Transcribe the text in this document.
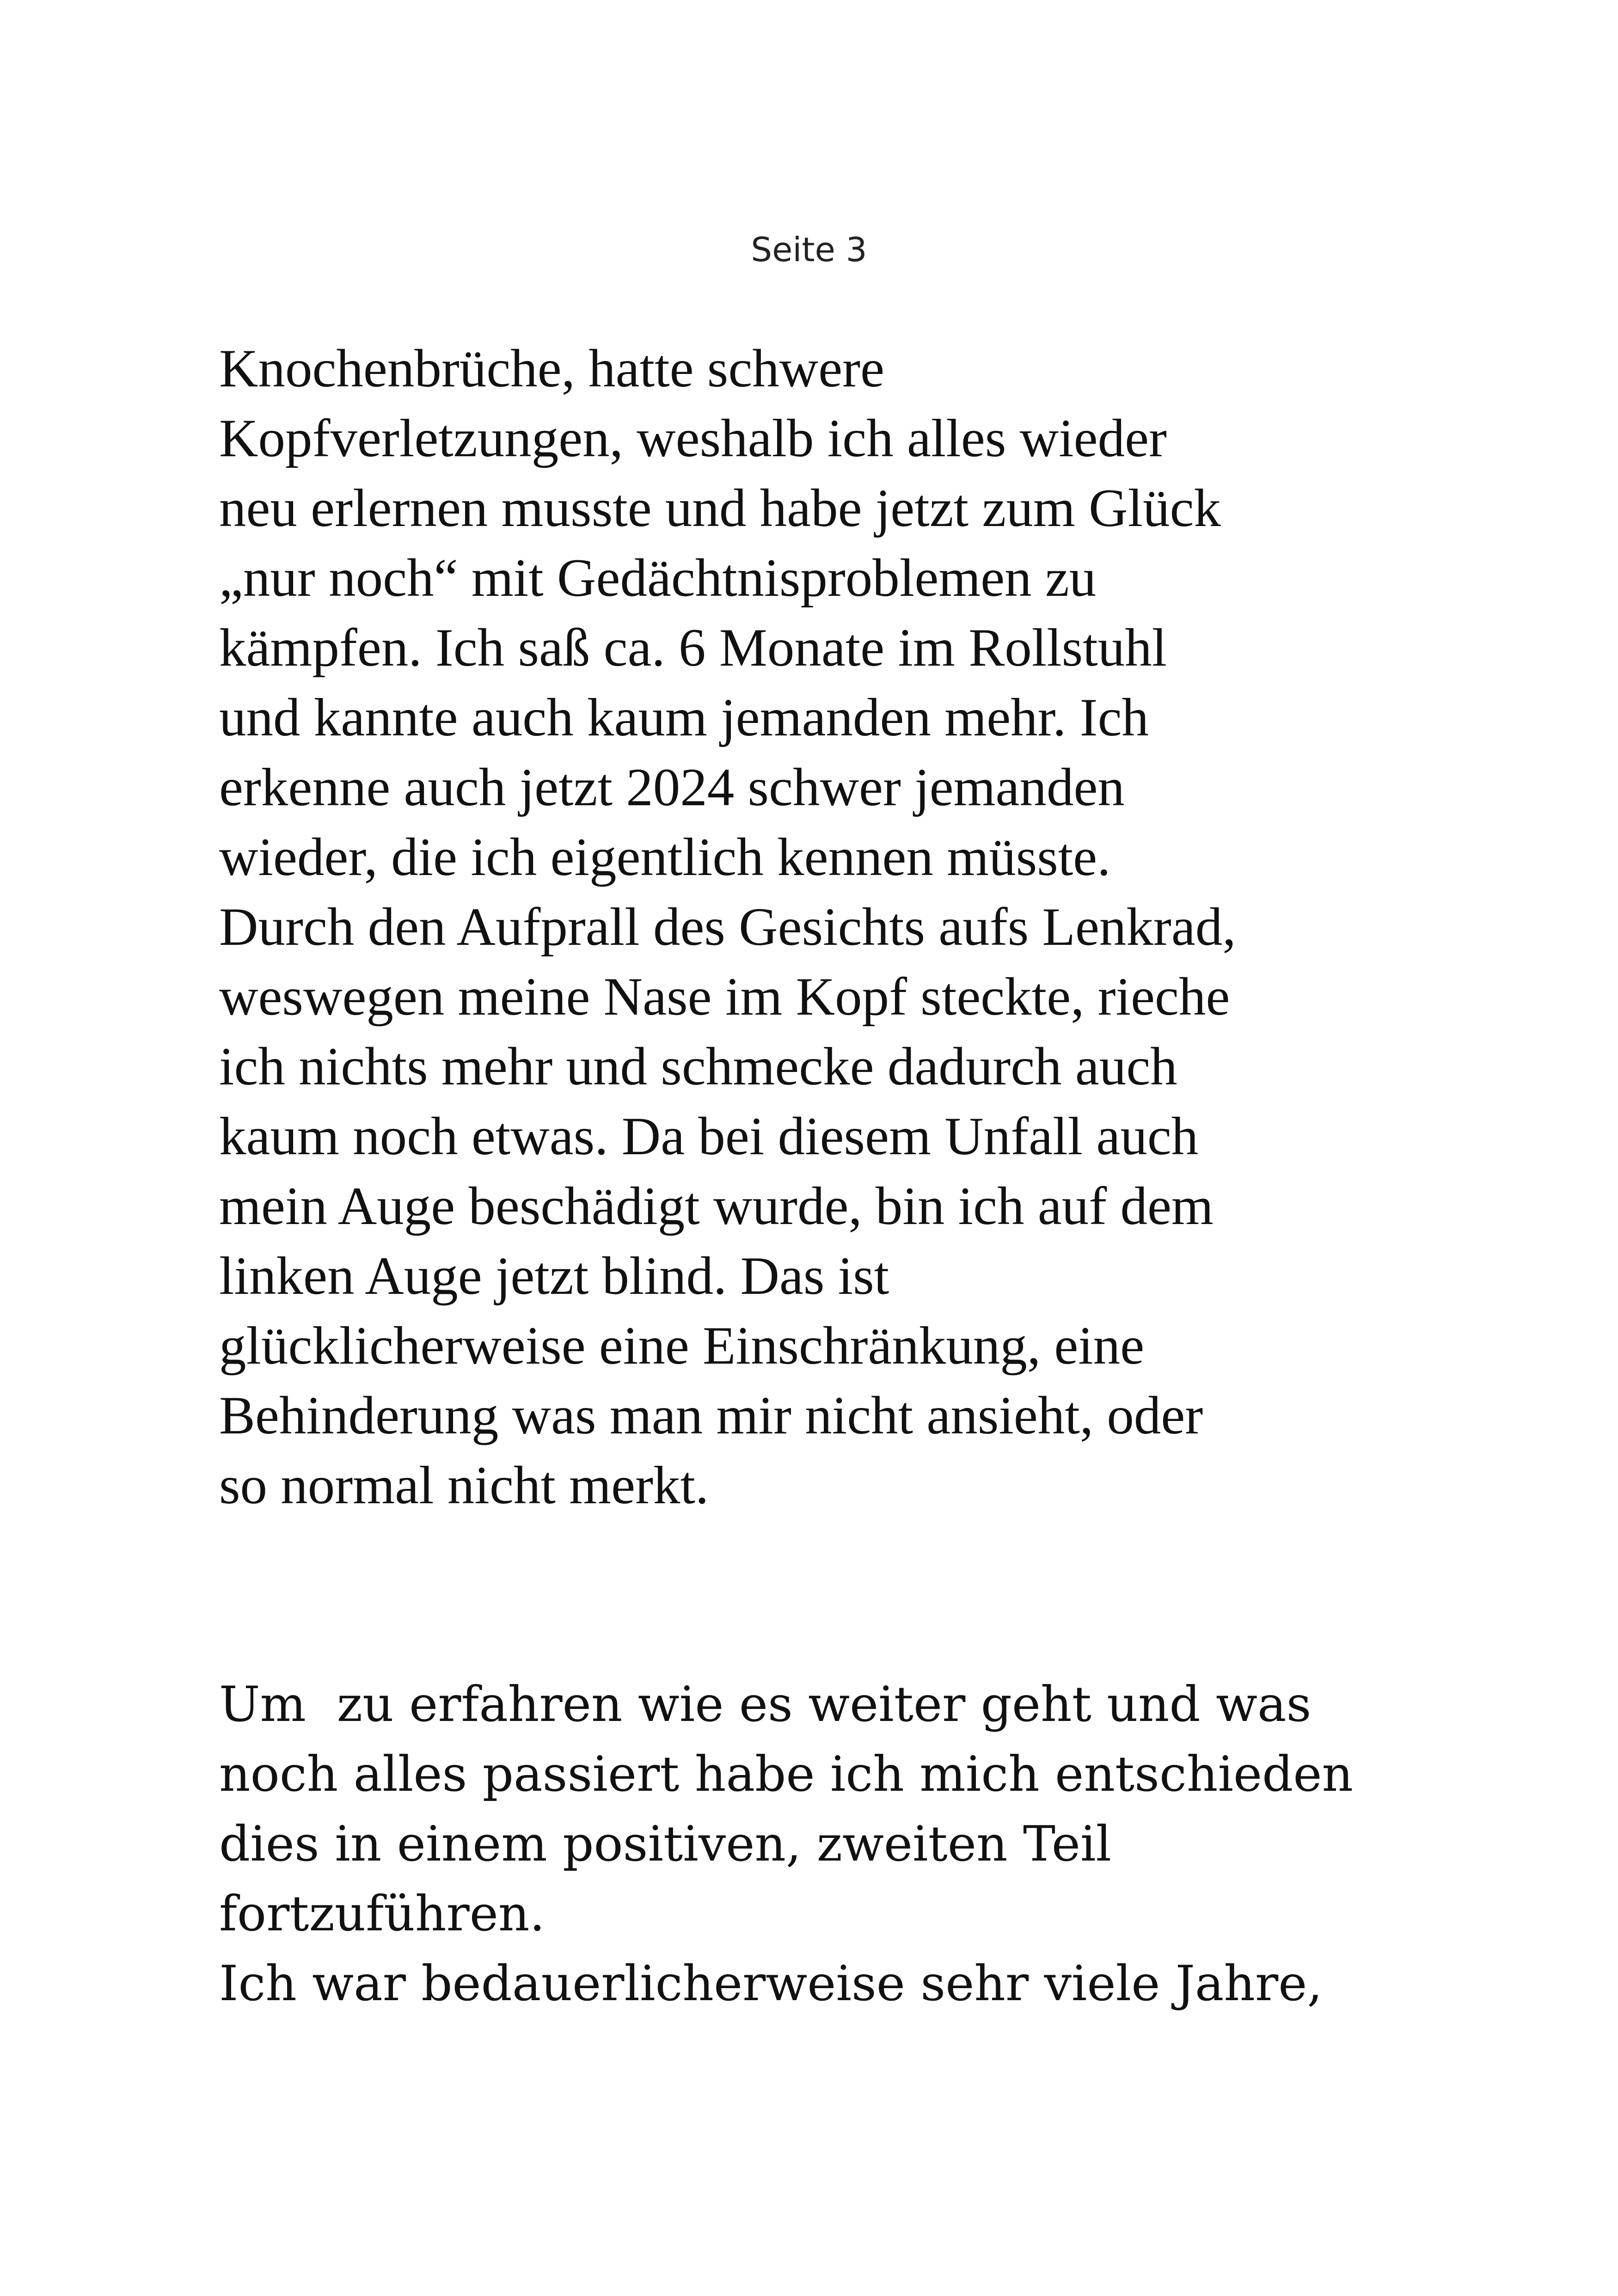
Seite 3
Knochenbrüche, hatte schwere
Kopfverletzungen, weshalb ich alles wieder
neu erlernen musste und habe jetzt zum Glück
„nur noch“ mit Gedächtnisproblemen zu
kämpfen. Ich saß ca. 6 Monate im Rollstuhl
und kannte auch kaum jemanden mehr. Ich
erkenne auch jetzt 2024 schwer jemanden
wieder, die ich eigentlich kennen müsste.
Durch den Aufprall des Gesichts aufs Lenkrad,
weswegen meine Nase im Kopf steckte, rieche
ich nichts mehr und schmecke dadurch auch
kaum noch etwas. Da bei diesem Unfall auch
mein Auge beschädigt wurde, bin ich auf dem
linken Auge jetzt blind. Das ist
glücklicherweise eine Einschränkung, eine
Behinderung was man mir nicht ansieht, oder
so normal nicht merkt.
Um  zu erfahren wie es weiter geht und was
noch alles passiert habe ich mich entschieden
dies in einem positiven, zweiten Teil
fortzuführen.
Ich war bedauerlicherweise sehr viele Jahre,
